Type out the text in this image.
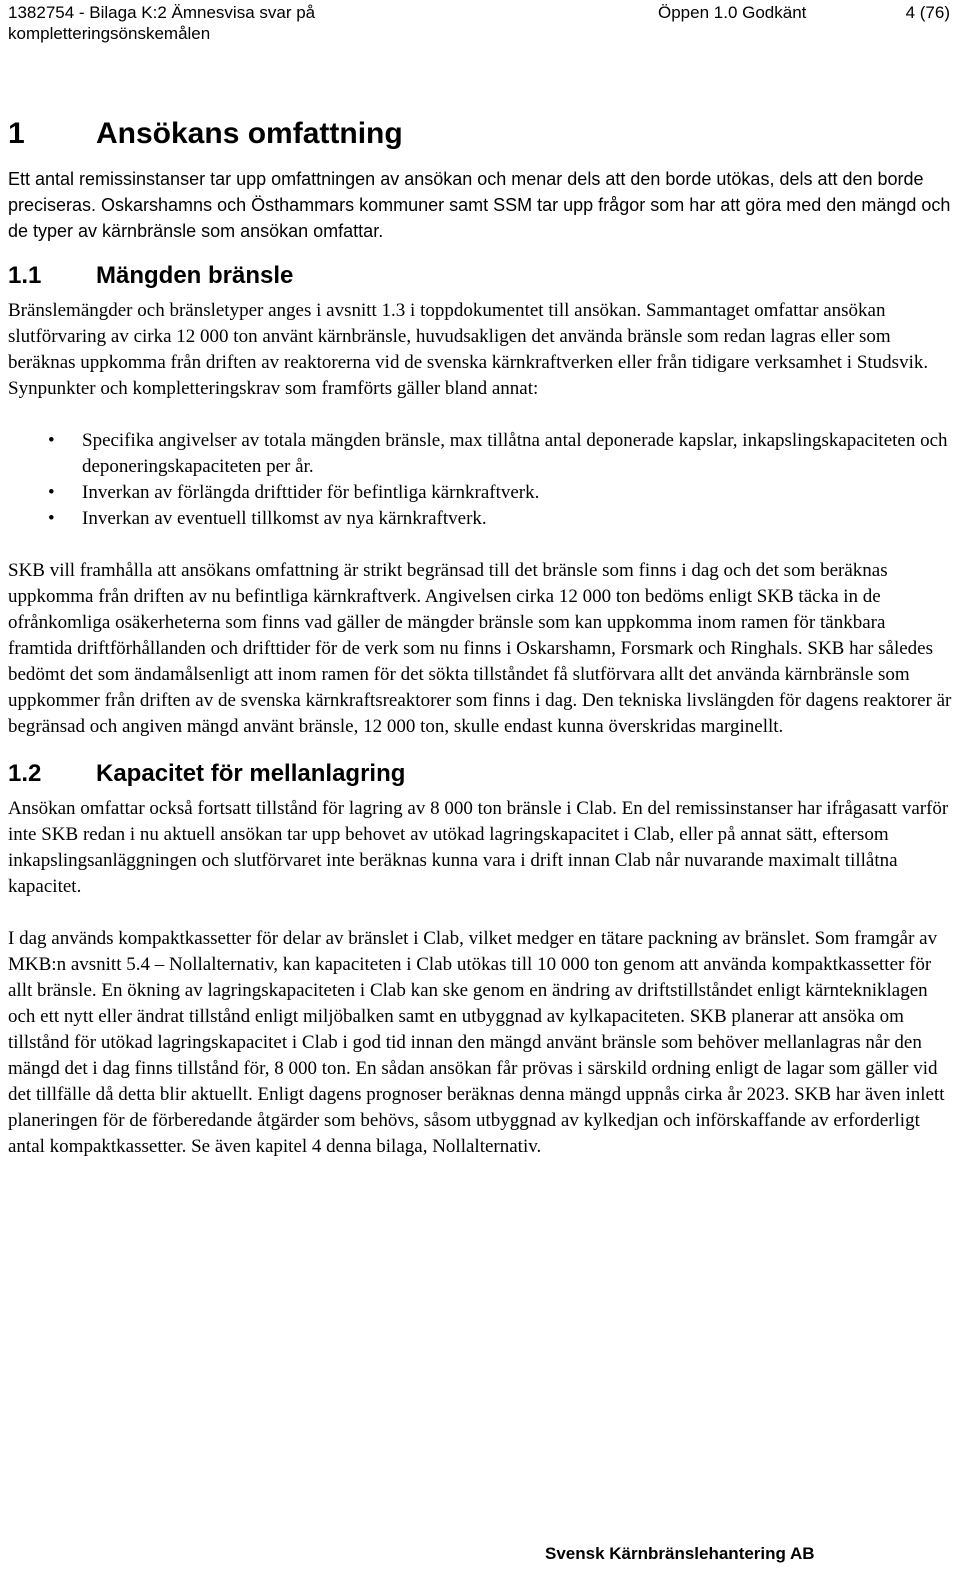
1382754 - Bilaga K:2 Ämnesvisa svar på kompletteringsönskemålen
Öppen 1.0 Godkänt	4 (76)
1	Ansökans omfattning

Ett antal remissinstanser tar upp omfattningen av ansökan och menar dels att den borde utökas, dels att den borde preciseras. Oskarshamns och Östhammars kommuner samt SSM tar upp frågor som har att göra med den mängd och de typer av kärnbränsle som ansökan omfattar.

1.1	Mängden bränsle

Bränslemängder och bränsletyper anges i avsnitt 1.3 i toppdokumentet till ansökan. Sammantaget omfattar ansökan slutförvaring av cirka 12 000 ton använt kärnbränsle, huvudsakligen det använda bränsle som redan lagras eller som beräknas uppkomma från driften av reaktorerna vid de svenska kärnkraftverken eller från tidigare verksamhet i Studsvik. Synpunkter och kompletteringskrav som framförts gäller bland annat:

• Specifika angivelser av totala mängden bränsle, max tillåtna antal deponerade kapslar, inkapslingskapaciteten och deponeringskapaciteten per år.
• Inverkan av förlängda drifttider för befintliga kärnkraftverk.
• Inverkan av eventuell tillkomst av nya kärnkraftverk.

SKB vill framhålla att ansökans omfattning är strikt begränsad till det bränsle som finns i dag och det som beräknas uppkomma från driften av nu befintliga kärnkraftverk. Angivelsen cirka 12 000 ton bedöms enligt SKB täcka in de ofrånkomliga osäkerheterna som finns vad gäller de mängder bränsle som kan uppkomma inom ramen för tänkbara framtida driftförhållanden och drifttider för de verk som nu finns i Oskarshamn, Forsmark och Ringhals. SKB har således bedömt det som ändamålsenligt att inom ramen för det sökta tillståndet få slutförvara allt det använda kärnbränsle som uppkommer från driften av de svenska kärnkraftsreaktorer som finns i dag. Den tekniska livslängden för dagens reaktorer är begränsad och angiven mängd använt bränsle, 12 000 ton, skulle endast kunna överskridas marginellt.

1.2	Kapacitet för mellanlagring

Ansökan omfattar också fortsatt tillstånd för lagring av 8 000 ton bränsle i Clab. En del remissinstanser har ifrågasatt varför inte SKB redan i nu aktuell ansökan tar upp behovet av utökad lagringskapacitet i Clab, eller på annat sätt, eftersom inkapslingsanläggningen och slutförvaret inte beräknas kunna vara i drift innan Clab når nuvarande maximalt tillåtna kapacitet.

I dag används kompaktkassetter för delar av bränslet i Clab, vilket medger en tätare packning av bränslet. Som framgår av MKB:n avsnitt 5.4 – Nollalternativ, kan kapaciteten i Clab utökas till 10 000 ton genom att använda kompaktkassetter för allt bränsle. En ökning av lagringskapaciteten i Clab kan ske genom en ändring av driftstillståndet enligt kärntekniklagen och ett nytt eller ändrat tillstånd enligt miljöbalken samt en utbyggnad av kylkapaciteten. SKB planerar att ansöka om tillstånd för utökad lagringskapacitet i Clab i god tid innan den mängd använt bränsle som behöver mellanlagras når den mängd det i dag finns tillstånd för, 8 000 ton. En sådan ansökan får prövas i särskild ordning enligt de lagar som gäller vid det tillfälle då detta blir aktuellt. Enligt dagens prognoser beräknas denna mängd uppnås cirka år 2023. SKB har även inlett planeringen för de förberedande åtgärder som behövs, såsom utbyggnad av kylkedjan och införskaffande av erforderligt antal kompaktkassetter. Se även kapitel 4 denna bilaga, Nollalternativ.

Svensk Kärnbränslehantering AB
